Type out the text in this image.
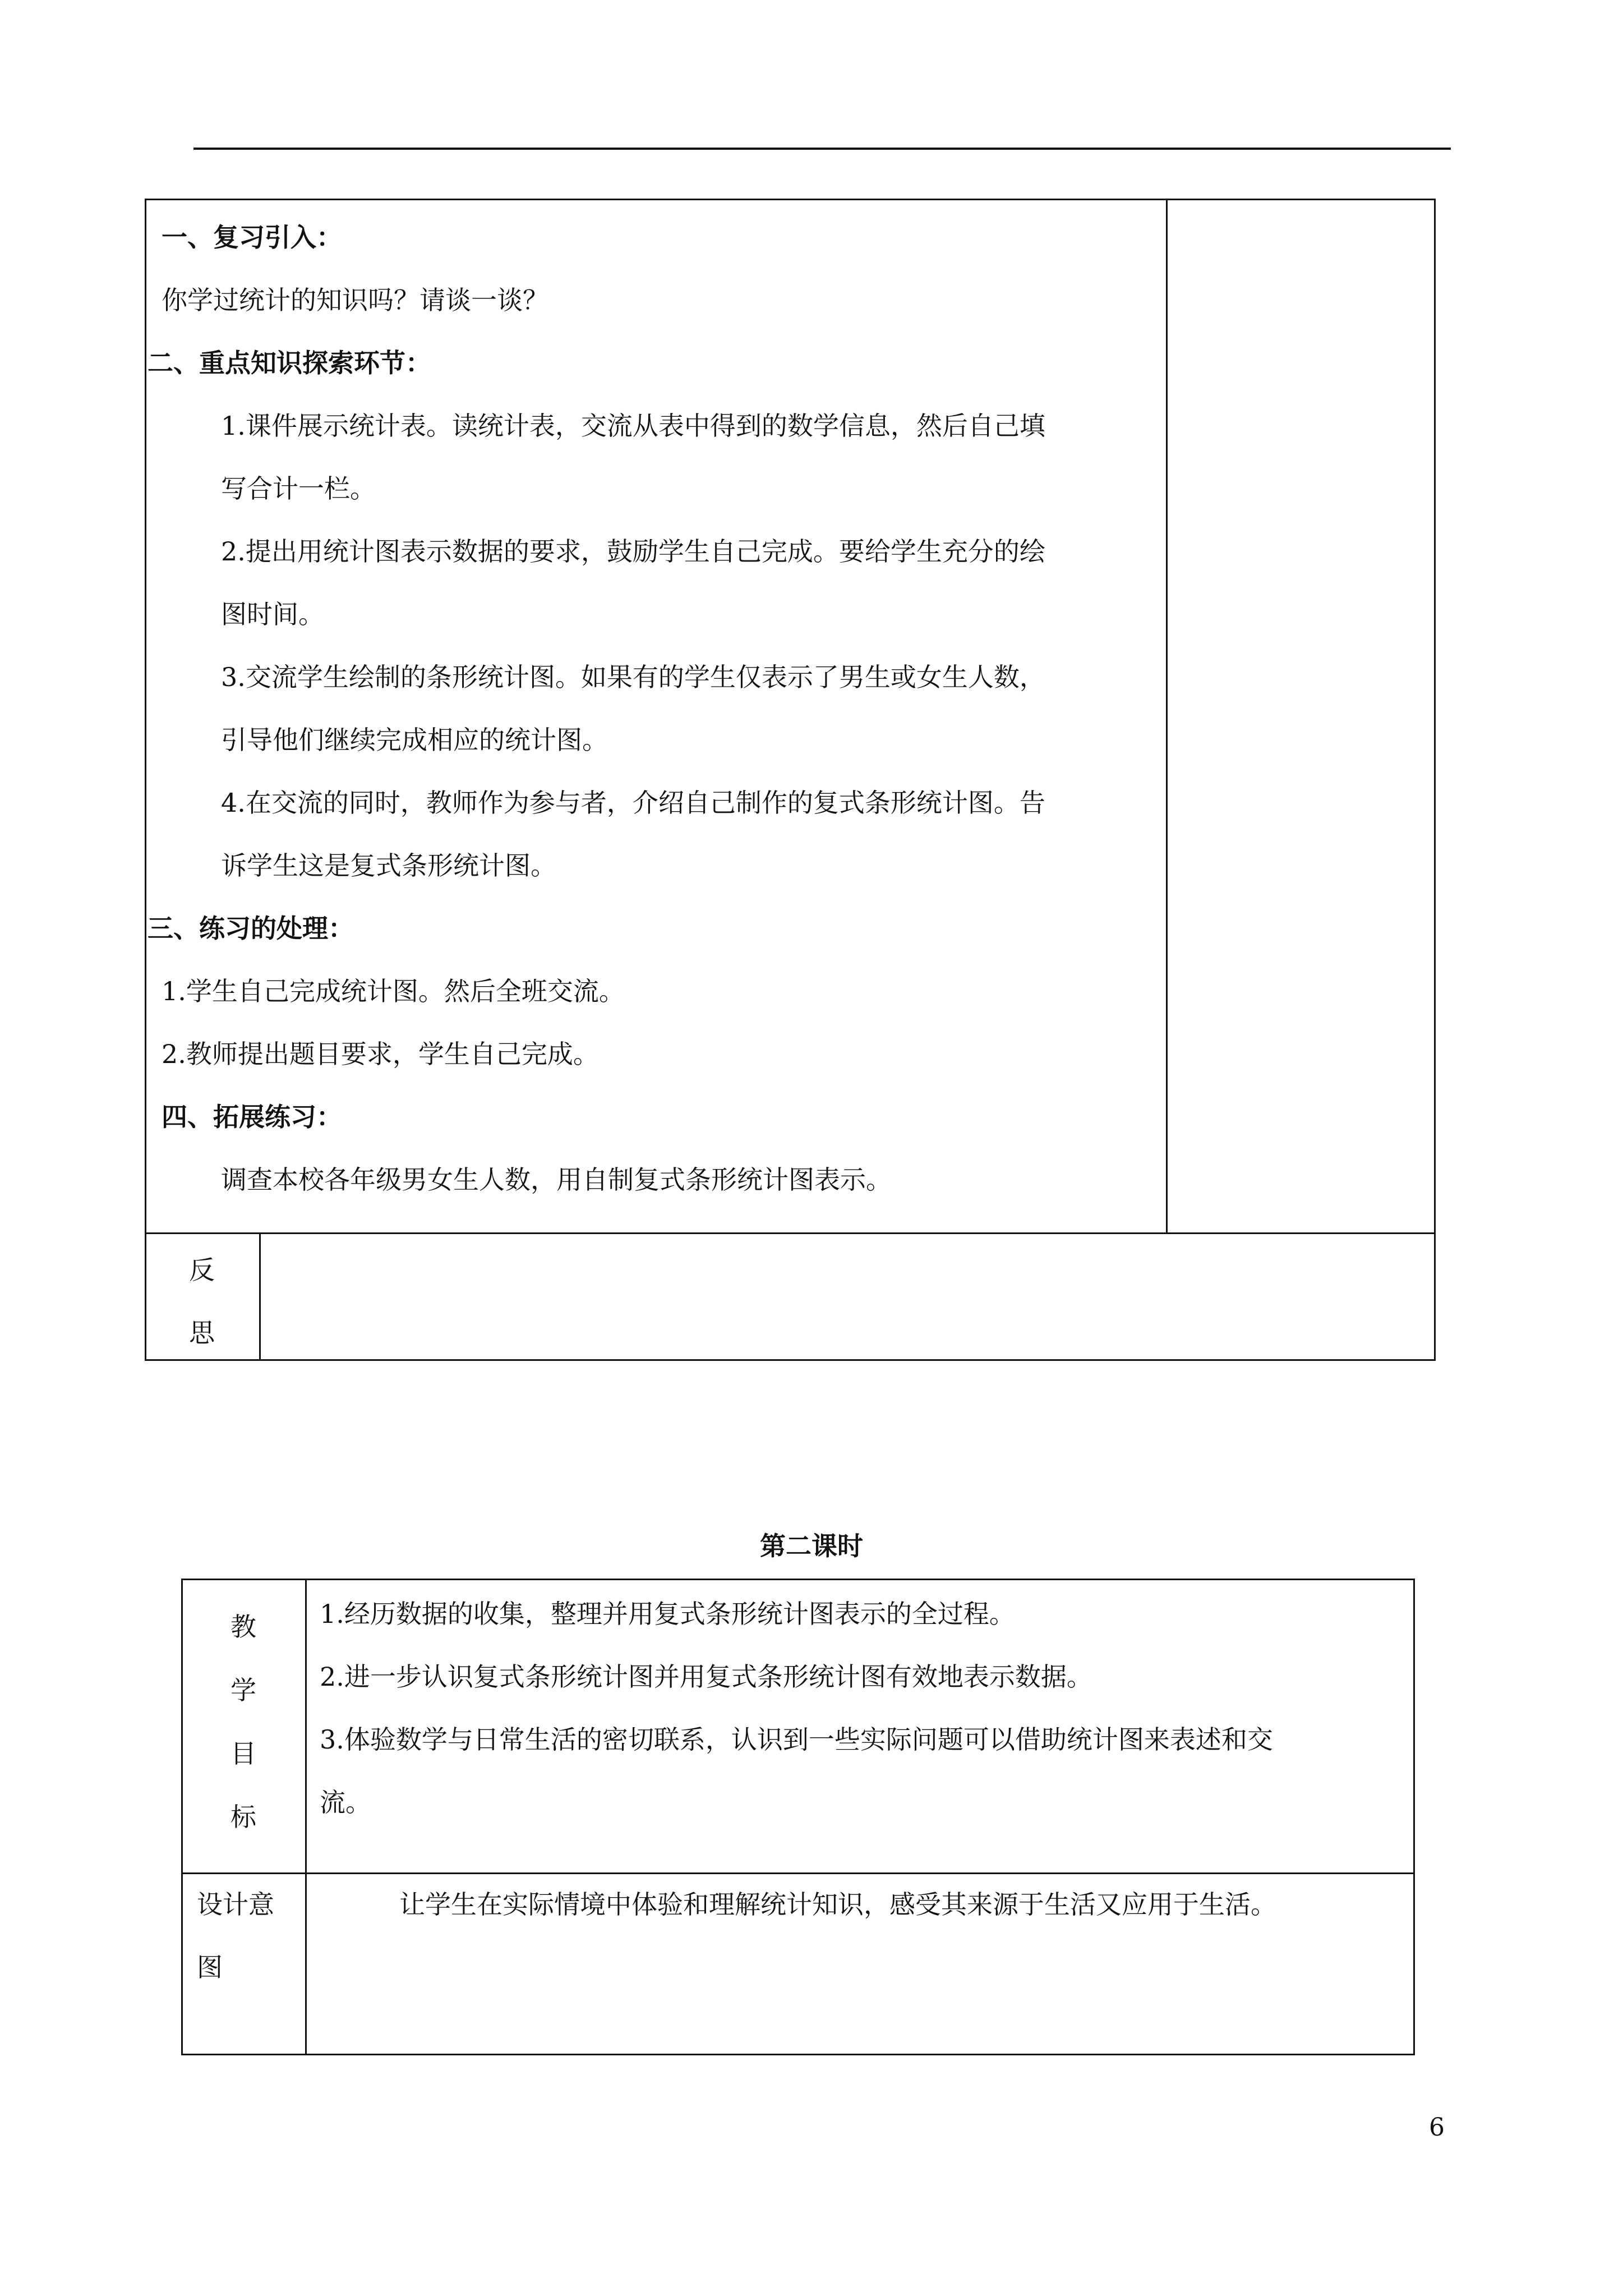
一、复习引入：
你学过统计的知识吗？请谈一谈？
二、重点知识探索环节：
1.课件展示统计表。读统计表，交流从表中得到的数学信息，然后自己填
写合计一栏。
2.提出用统计图表示数据的要求，鼓励学生自己完成。要给学生充分的绘
图时间。
3.交流学生绘制的条形统计图。如果有的学生仅表示了男生或女生人数，
引导他们继续完成相应的统计图。
4.在交流的同时，教师作为参与者，介绍自己制作的复式条形统计图。告
诉学生这是复式条形统计图。
三、练习的处理：
1.学生自己完成统计图。然后全班交流。
2.教师提出题目要求，学生自己完成。
四、拓展练习：
调查本校各年级男女生人数，用自制复式条形统计图表示。
反
思
第二课时
教
学
目
标
1.经历数据的收集，整理并用复式条形统计图表示的全过程。
2.进一步认识复式条形统计图并用复式条形统计图有效地表示数据。
3.体验数学与日常生活的密切联系，认识到一些实际问题可以借助统计图来表述和交
流。
设计意
图
让学生在实际情境中体验和理解统计知识，感受其来源于生活又应用于生活。
6
